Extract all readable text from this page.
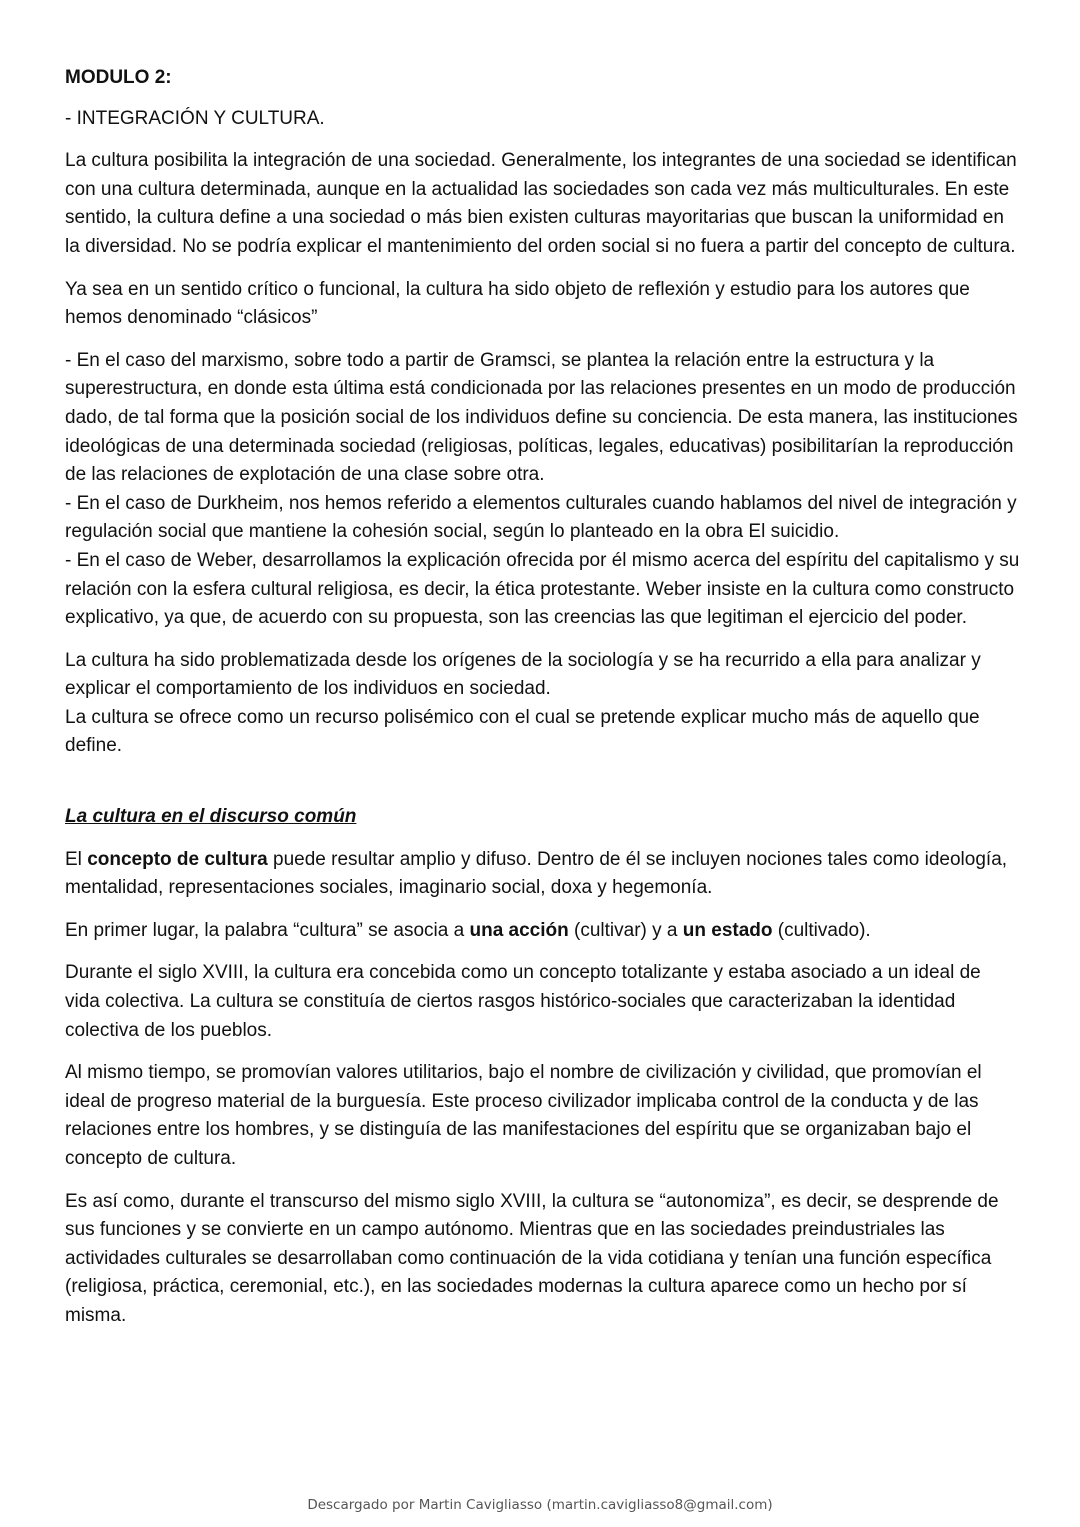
MODULO 2:
- INTEGRACIÓN Y CULTURA.

La cultura posibilita la integración de una sociedad. Generalmente, los integrantes de una sociedad se identifican con una cultura determinada, aunque en la actualidad las sociedades son cada vez más multiculturales. En este sentido, la cultura define a una sociedad o más bien existen culturas mayoritarias que buscan la uniformidad en la diversidad. No se podría explicar el mantenimiento del orden social si no fuera a partir del concepto de cultura.

Ya sea en un sentido crítico o funcional, la cultura ha sido objeto de reflexión y estudio para los autores que hemos denominado “clásicos”

- En el caso del marxismo, sobre todo a partir de Gramsci, se plantea la relación entre la estructura y la superestructura, en donde esta última está condicionada por las relaciones presentes en un modo de producción dado, de tal forma que la posición social de los individuos define su conciencia. De esta manera, las instituciones ideológicas de una determinada sociedad (religiosas, políticas, legales, educativas) posibilitarían la reproducción de las relaciones de explotación de una clase sobre otra.
- En el caso de Durkheim, nos hemos referido a elementos culturales cuando hablamos del nivel de integración y regulación social que mantiene la cohesión social, según lo planteado en la obra El suicidio.
- En el caso de Weber, desarrollamos la explicación ofrecida por él mismo acerca del espíritu del capitalismo y su relación con la esfera cultural religiosa, es decir, la ética protestante. Weber insiste en la cultura como constructo explicativo, ya que, de acuerdo con su propuesta, son las creencias las que legitiman el ejercicio del poder.
La cultura ha sido problematizada desde los orígenes de la sociología y se ha recurrido a ella para analizar y explicar el comportamiento de los individuos en sociedad.
La cultura se ofrece como un recurso polisémico con el cual se pretende explicar mucho más de aquello que define.
La cultura en el discurso común

El concepto de cultura puede resultar amplio y difuso. Dentro de él se incluyen nociones tales como ideología, mentalidad, representaciones sociales, imaginario social, doxa y hegemonía.

En primer lugar, la palabra “cultura” se asocia a una acción (cultivar) y a un estado (cultivado).

Durante el siglo XVIII, la cultura era concebida como un concepto totalizante y estaba asociado a un ideal de vida colectiva. La cultura se constituía de ciertos rasgos histórico-sociales que caracterizaban la identidad colectiva de los pueblos.

Al mismo tiempo, se promovían valores utilitarios, bajo el nombre de civilización y civilidad, que promovían el ideal de progreso material de la burguesía. Este proceso civilizador implicaba control de la conducta y de las relaciones entre los hombres, y se distinguía de las manifestaciones del espíritu que se organizaban bajo el concepto de cultura.

Es así como, durante el transcurso del mismo siglo XVIII, la cultura se “autonomiza”, es decir, se desprende de sus funciones y se convierte en un campo autónomo. Mientras que en las sociedades preindustriales las actividades culturales se desarrollaban como continuación de la vida cotidiana y tenían una función específica (religiosa, práctica, ceremonial, etc.), en las sociedades modernas la cultura aparece como un hecho por sí misma.

Descargado por Martin Cavigliasso (martin.cavigliasso8@gmail.com)
